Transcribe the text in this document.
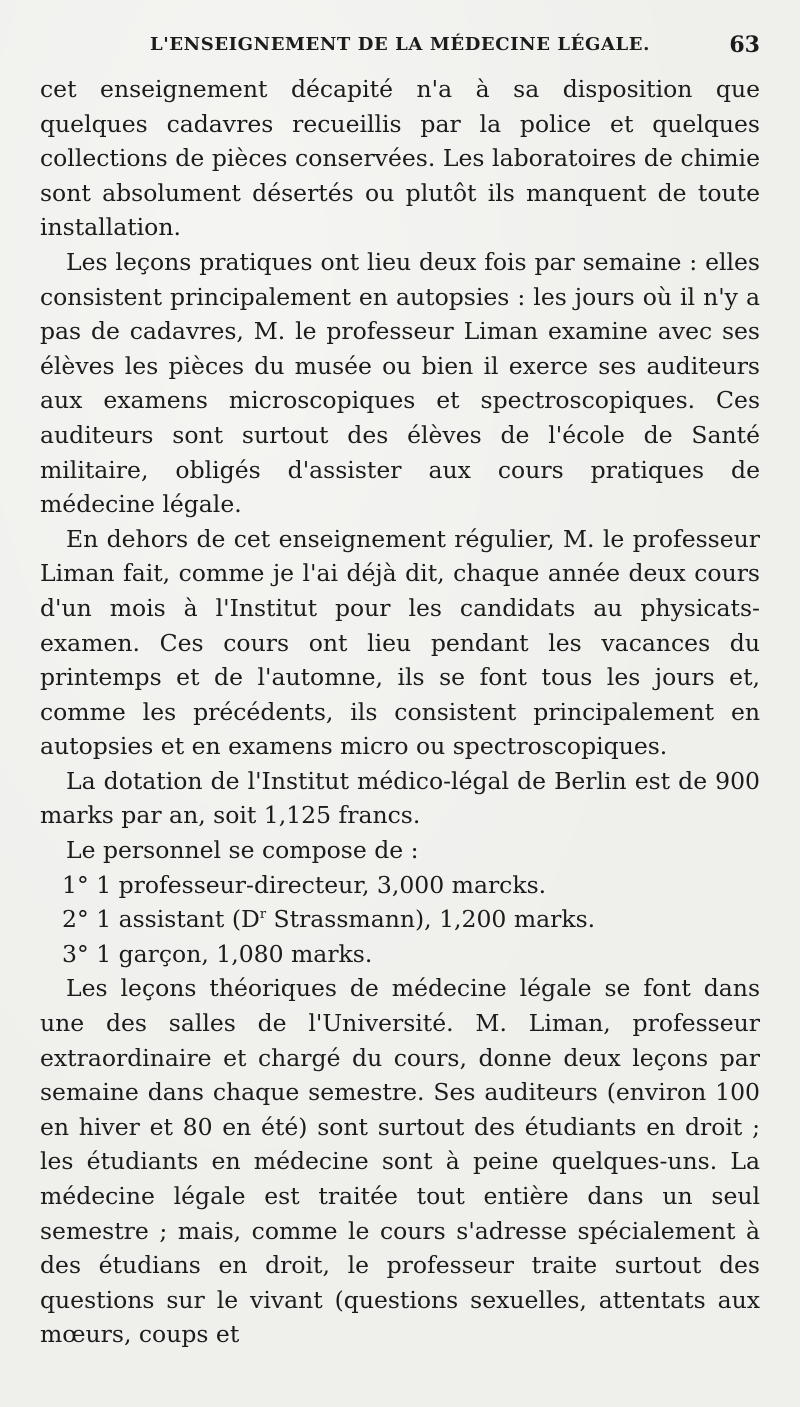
L'ENSEIGNEMENT DE LA MÉDECINE LÉGALE.	63

cet enseignement décapité n'a à sa disposition que quelques cadavres recueillis par la police et quelques collections de pièces conservées. Les laboratoires de chimie sont absolument désertés ou plutôt ils manquent de toute installation.

Les leçons pratiques ont lieu deux fois par semaine : elles consistent principalement en autopsies : les jours où il n'y a pas de cadavres, M. le professeur Liman examine avec ses élèves les pièces du musée ou bien il exerce ses auditeurs aux examens microscopiques et spectroscopiques. Ces auditeurs sont surtout des élèves de l'école de Santé militaire, obligés d'assister aux cours pratiques de médecine légale.

En dehors de cet enseignement régulier, M. le professeur Liman fait, comme je l'ai déjà dit, chaque année deux cours d'un mois à l'Institut pour les candidats au physicats-examen. Ces cours ont lieu pendant les vacances du printemps et de l'automne, ils se font tous les jours et, comme les précédents, ils consistent principalement en autopsies et en examens micro ou spectroscopiques.

La dotation de l'Institut médico-légal de Berlin est de 900 marks par an, soit 1,125 francs.

Le personnel se compose de :

1° 1 professeur-directeur, 3,000 marcks.

2° 1 assistant ($D^r$ Strassmann), 1,200 marks.

3° 1 garçon, 1,080 marks.

Les leçons théoriques de médecine légale se font dans une des salles de l'Université. M. Liman, professeur extraordinaire et chargé du cours, donne deux leçons par semaine dans chaque semestre. Ses auditeurs (environ 100 en hiver et 80 en été) sont surtout des étudiants en droit ; les étudiants en médecine sont à peine quelques-uns. La médecine légale est traitée tout entière dans un seul semestre ; mais, comme le cours s'adresse spécialement à des étudians en droit, le professeur traite surtout des questions sur le vivant (questions sexuelles, attentats aux mœurs, coups et
